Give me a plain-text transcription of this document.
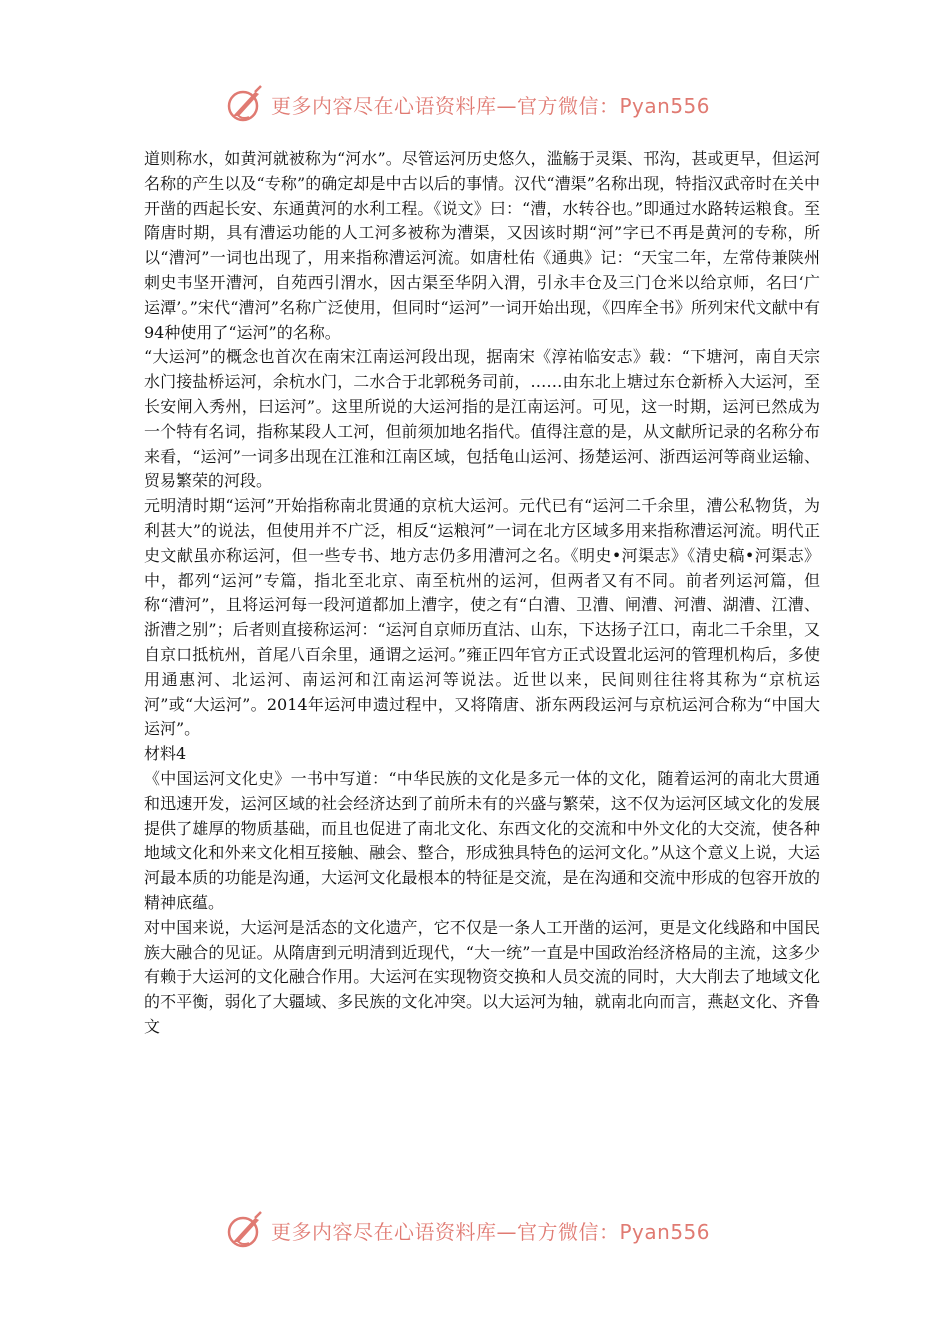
更多内容尽在心语资料库—官方微信：Pyan556

道则称水，如黄河就被称为“河水”。尽管运河历史悠久，滥觞于灵渠、邗沟，甚或更早，但运河名称的产生以及“专称”的确定却是中古以后的事情。汉代“漕渠”名称出现，特指汉武帝时在关中开凿的西起长安、东通黄河的水利工程。《说文》曰：“漕，水转谷也。”即通过水路转运粮食。至隋唐时期，具有漕运功能的人工河多被称为漕渠，又因该时期“河”字已不再是黄河的专称，所以“漕河”一词也出现了，用来指称漕运河流。如唐杜佑《通典》记：“天宝二年，左常侍兼陕州刺史韦坚开漕河，自苑西引渭水，因古渠至华阴入渭，引永丰仓及三门仓米以给京师，名曰‘广运潭’。”宋代“漕河”名称广泛使用，但同时“运河”一词开始出现，《四库全书》所列宋代文献中有94种使用了“运河”的名称。

“大运河”的概念也首次在南宋江南运河段出现，据南宋《淳祐临安志》载：“下塘河，南自天宗水门接盐桥运河，余杭水门，二水合于北郭税务司前，……由东北上塘过东仓新桥入大运河，至长安闸入秀州，曰运河”。这里所说的大运河指的是江南运河。可见，这一时期，运河已然成为一个特有名词，指称某段人工河，但前须加地名指代。值得注意的是，从文献所记录的名称分布来看，“运河”一词多出现在江淮和江南区域，包括龟山运河、扬楚运河、浙西运河等商业运输、贸易繁荣的河段。

元明清时期“运河”开始指称南北贯通的京杭大运河。元代已有“运河二千余里，漕公私物货，为利甚大”的说法，但使用并不广泛，相反“运粮河”一词在北方区域多用来指称漕运河流。明代正史文献虽亦称运河，但一些专书、地方志仍多用漕河之名。《明史•河渠志》《清史稿•河渠志》中，都列“运河”专篇，指北至北京、南至杭州的运河，但两者又有不同。前者列运河篇，但称“漕河”，且将运河每一段河道都加上漕字，使之有“白漕、卫漕、闸漕、河漕、湖漕、江漕、浙漕之别”；后者则直接称运河：“运河自京师历直沽、山东，下达扬子江口，南北二千余里，又自京口抵杭州，首尾八百余里，通谓之运河。”雍正四年官方正式设置北运河的管理机构后，多使用通惠河、北运河、南运河和江南运河等说法。近世以来，民间则往往将其称为“京杭运河”或“大运河”。2014年运河申遗过程中，又将隋唐、浙东两段运河与京杭运河合称为“中国大运河”。

材料4

《中国运河文化史》一书中写道：“中华民族的文化是多元一体的文化，随着运河的南北大贯通和迅速开发，运河区域的社会经济达到了前所未有的兴盛与繁荣，这不仅为运河区域文化的发展提供了雄厚的物质基础，而且也促进了南北文化、东西文化的交流和中外文化的大交流，使各种地域文化和外来文化相互接触、融会、整合，形成独具特色的运河文化。”从这个意义上说，大运河最本质的功能是沟通，大运河文化最根本的特征是交流，是在沟通和交流中形成的包容开放的精神底蕴。

对中国来说，大运河是活态的文化遗产，它不仅是一条人工开凿的运河，更是文化线路和中国民族大融合的见证。从隋唐到元明清到近现代，“大一统”一直是中国政治经济格局的主流，这多少有赖于大运河的文化融合作用。大运河在实现物资交换和人员交流的同时，大大削去了地域文化的不平衡，弱化了大疆域、多民族的文化冲突。以大运河为轴，就南北向而言，燕赵文化、齐鲁文

更多内容尽在心语资料库—官方微信：Pyan556
